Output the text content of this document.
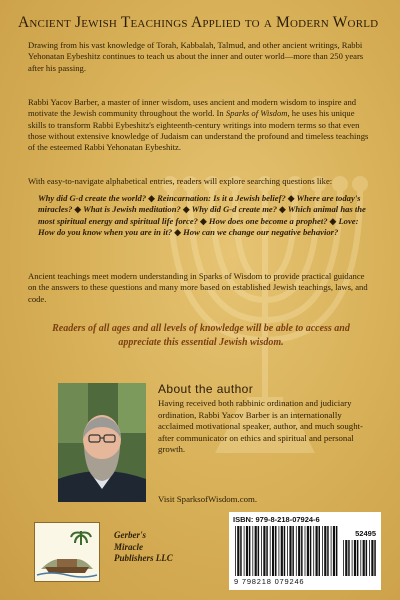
Ancient Jewish Teachings Applied to a Modern World
Drawing from his vast knowledge of Torah, Kabbalah, Talmud, and other ancient writings, Rabbi Yehonatan Eybeshitz continues to teach us about the inner and outer world—more than 250 years after his passing.
Rabbi Yacov Barber, a master of inner wisdom, uses ancient and modern wisdom to inspire and motivate the Jewish community throughout the world. In Sparks of Wisdom, he uses his unique skills to transform Rabbi Eybeshitz's eighteenth-century writings into modern terms so that even those without extensive knowledge of Judaism can understand the profound and timeless teachings of the esteemed Rabbi Yehonatan Eybeshitz.
With easy-to-navigate alphabetical entries, readers will explore searching questions like:
Why did G-d create the world? ◆ Reincarnation: Is it a Jewish belief? ◆ Where are today's miracles? ◆ What is Jewish meditation? ◆ Why did G-d create me? ◆ Which animal has the most spiritual energy and spiritual life force? ◆ How does one become a prophet? ◆ Love: How do you know when you are in it? ◆ How can we change our negative behavior?
Ancient teachings meet modern understanding in Sparks of Wisdom to provide practical guidance on the answers to these questions and many more based on established Jewish teachings, laws, and code.
Readers of all ages and all levels of knowledge will be able to access and appreciate this essential Jewish wisdom.
About the author
Having received both rabbinic ordination and judiciary ordination, Rabbi Yacov Barber is an internationally acclaimed motivational speaker, author, and much sought-after communicator on ethics and spiritual and personal growth.
Visit SparksofWisdom.com.
Gerber's
Miracle
Publishers LLC
ISBN: 979-8-218-07924-6
52495
9 798218 079246
